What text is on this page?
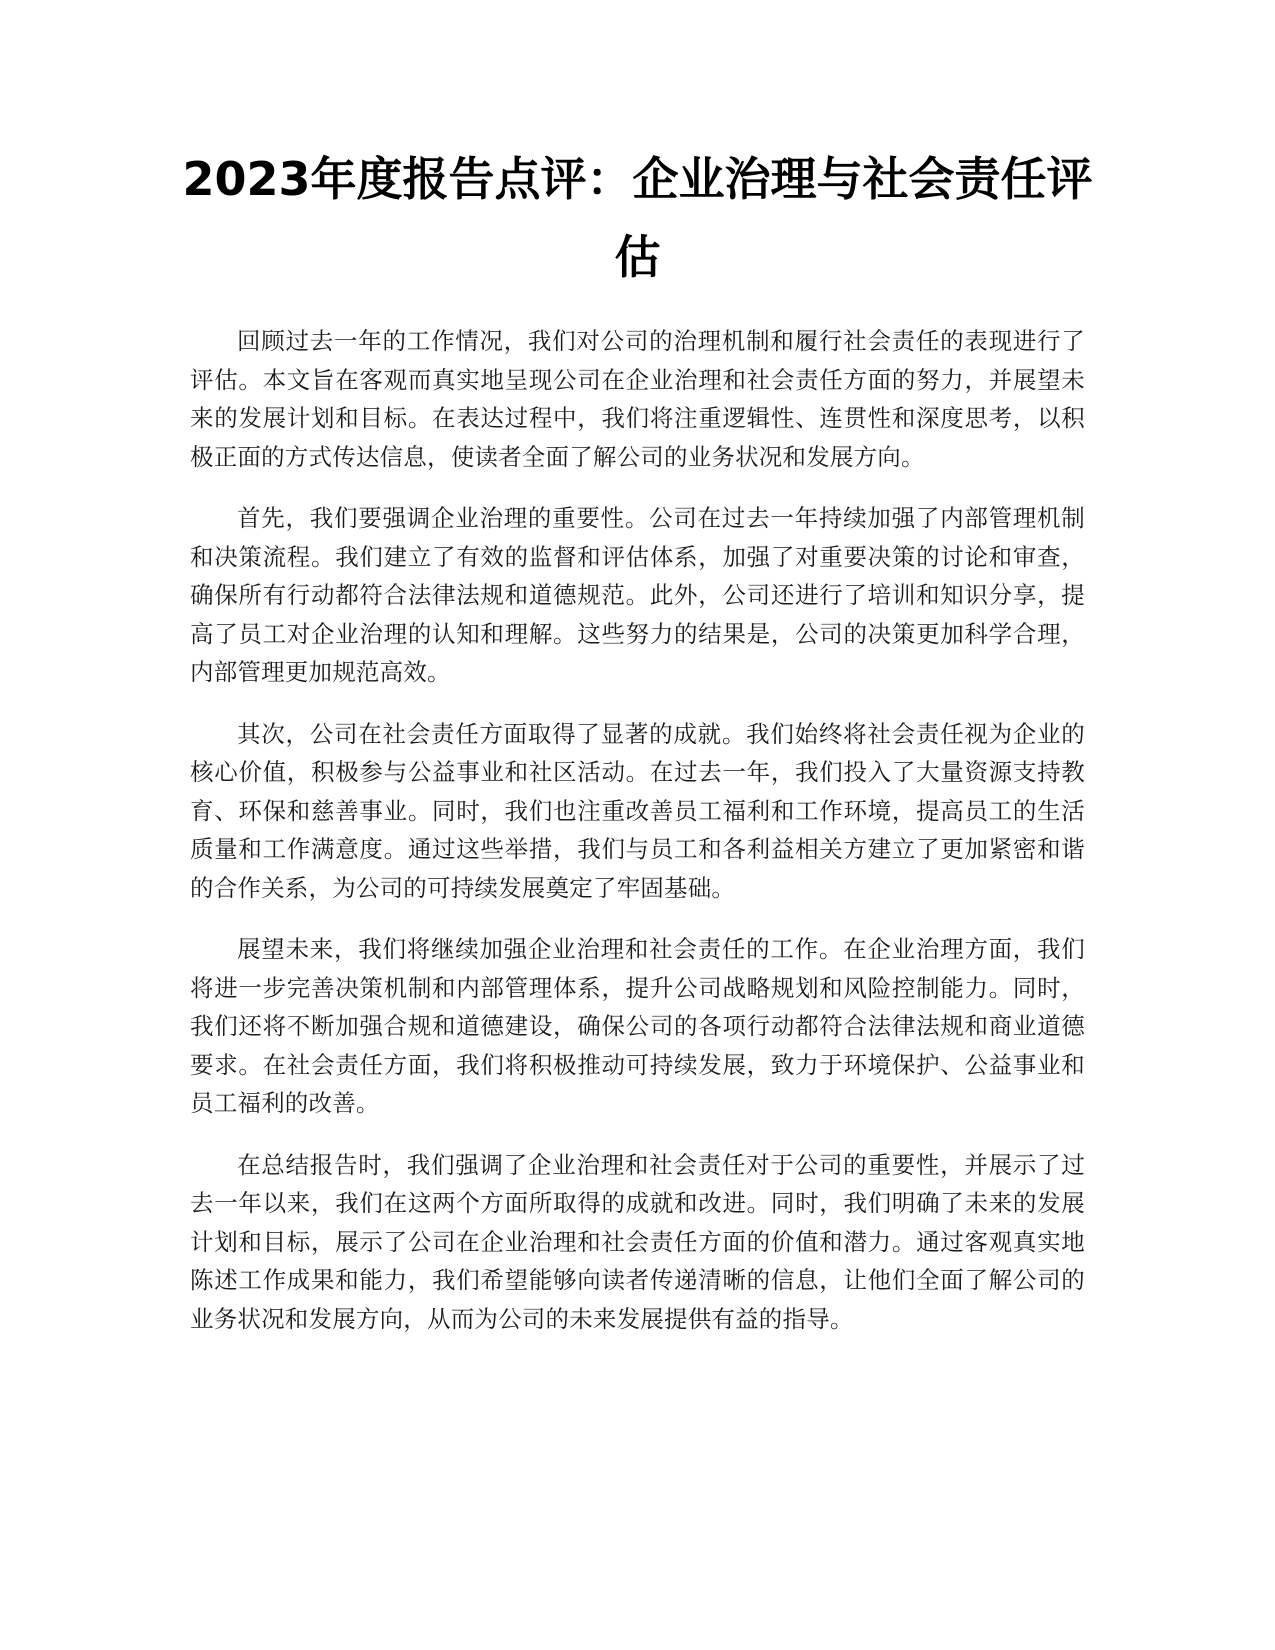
2023年度报告点评：企业治理与社会责任评估

回顾过去一年的工作情况，我们对公司的治理机制和履行社会责任的表现进行了评估。本文旨在客观而真实地呈现公司在企业治理和社会责任方面的努力，并展望未来的发展计划和目标。在表达过程中，我们将注重逻辑性、连贯性和深度思考，以积极正面的方式传达信息，使读者全面了解公司的业务状况和发展方向。

首先，我们要强调企业治理的重要性。公司在过去一年持续加强了内部管理机制和决策流程。我们建立了有效的监督和评估体系，加强了对重要决策的讨论和审查，确保所有行动都符合法律法规和道德规范。此外，公司还进行了培训和知识分享，提高了员工对企业治理的认知和理解。这些努力的结果是，公司的决策更加科学合理，内部管理更加规范高效。

其次，公司在社会责任方面取得了显著的成就。我们始终将社会责任视为企业的核心价值，积极参与公益事业和社区活动。在过去一年，我们投入了大量资源支持教育、环保和慈善事业。同时，我们也注重改善员工福利和工作环境，提高员工的生活质量和工作满意度。通过这些举措，我们与员工和各利益相关方建立了更加紧密和谐的合作关系，为公司的可持续发展奠定了牢固基础。

展望未来，我们将继续加强企业治理和社会责任的工作。在企业治理方面，我们将进一步完善决策机制和内部管理体系，提升公司战略规划和风险控制能力。同时，我们还将不断加强合规和道德建设，确保公司的各项行动都符合法律法规和商业道德要求。在社会责任方面，我们将积极推动可持续发展，致力于环境保护、公益事业和员工福利的改善。

在总结报告时，我们强调了企业治理和社会责任对于公司的重要性，并展示了过去一年以来，我们在这两个方面所取得的成就和改进。同时，我们明确了未来的发展计划和目标，展示了公司在企业治理和社会责任方面的价值和潜力。通过客观真实地陈述工作成果和能力，我们希望能够向读者传递清晰的信息，让他们全面了解公司的业务状况和发展方向，从而为公司的未来发展提供有益的指导。
